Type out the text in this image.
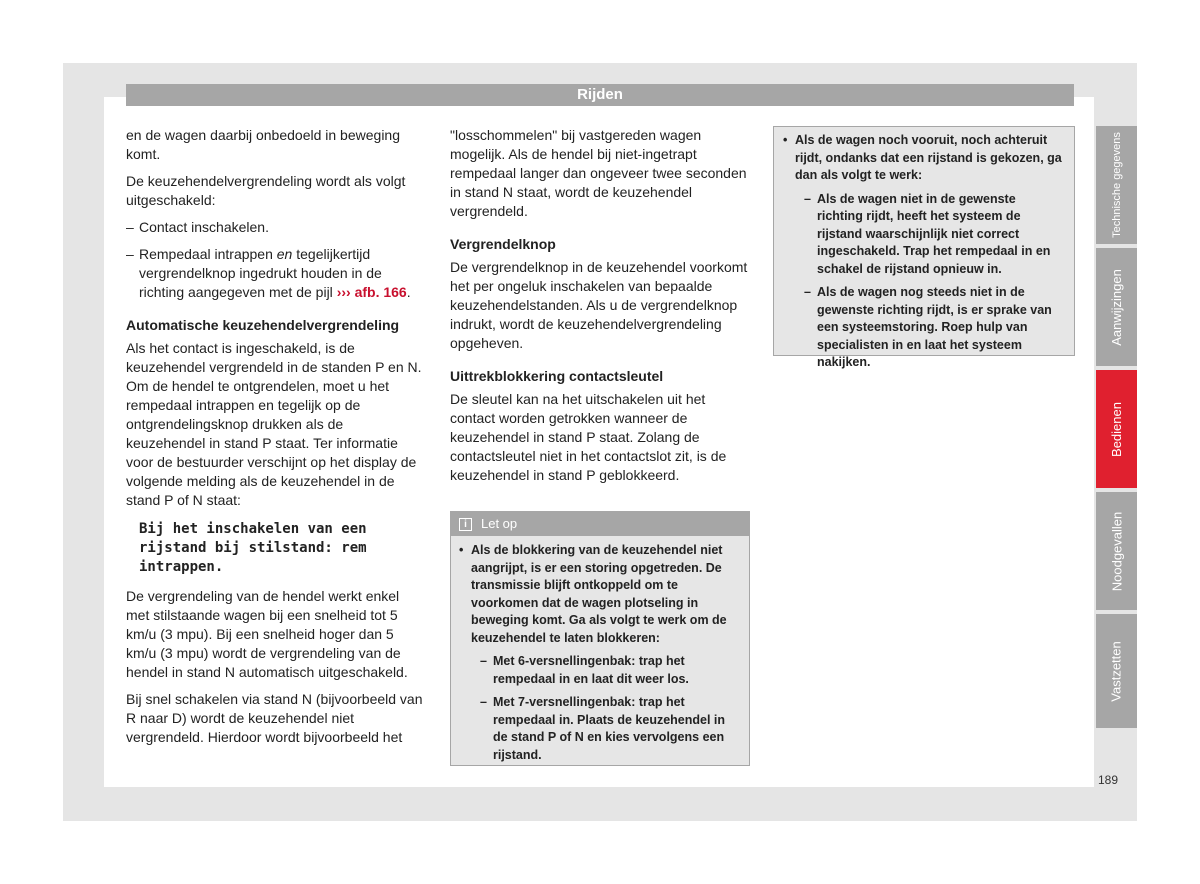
Rijden

en de wagen daarbij onbedoeld in beweging komt.

De keuzehendelvergrendeling wordt als volgt uitgeschakeld:

– Contact inschakelen.
– Rempedaal intrappen en tegelijkertijd vergrendelknop ingedrukt houden in de richting aangegeven met de pijl ››› afb. 166.
Automatische keuzehendelvergrendeling

Als het contact is ingeschakeld, is de keuzehendel vergrendeld in de standen P en N. Om de hendel te ontgrendelen, moet u het rempedaal intrappen en tegelijk op de ontgrendelingsknop drukken als de keuzehendel in stand P staat. Ter informatie voor de bestuurder verschijnt op het display de volgende melding als de keuzehendel in de stand P of N staat:

Bij het inschakelen van een rijstand bij stilstand: rem intrappen.

De vergrendeling van de hendel werkt enkel met stilstaande wagen bij een snelheid tot 5 km/u (3 mpu). Bij een snelheid hoger dan 5 km/u (3 mpu) wordt de vergrendeling van de hendel in stand N automatisch uitgeschakeld.

Bij snel schakelen via stand N (bijvoorbeeld van R naar D) wordt de keuzehendel niet vergrendeld. Hierdoor wordt bijvoorbeeld het

"losschommelen" bij vastgereden wagen mogelijk. Als de hendel bij niet-ingetrapt rempedaal langer dan ongeveer twee seconden in stand N staat, wordt de keuzehendel vergrendeld.

Vergrendelknop

De vergrendelknop in de keuzehendel voorkomt het per ongeluk inschakelen van bepaalde keuzehendelstanden. Als u de vergrendelknop indrukt, wordt de keuzehendelvergrendeling opgeheven.

Uittrekblokkering contactsleutel

De sleutel kan na het uitschakelen uit het contact worden getrokken wanneer de keuzehendel in stand P staat. Zolang de contactsleutel niet in het contactslot zit, is de keuzehendel in stand P geblokkeerd.

i	Let op
• Als de blokkering van de keuzehendel niet aangrijpt, is er een storing opgetreden. De transmissie blijft ontkoppeld om te voorkomen dat de wagen plotseling in beweging komt. Ga als volgt te werk om de keuzehendel te laten blokkeren:
– Met 6-versnellingenbak: trap het rempedaal in en laat dit weer los.
– Met 7-versnellingenbak: trap het rempedaal in. Plaats de keuzehendel in de stand P of N en kies vervolgens een rijstand.
• Als de wagen noch vooruit, noch achteruit rijdt, ondanks dat een rijstand is gekozen, ga dan als volgt te werk:
– Als de wagen niet in de gewenste richting rijdt, heeft het systeem de rijstand waarschijnlijk niet correct ingeschakeld. Trap het rempedaal in en schakel de rijstand opnieuw in.
– Als de wagen nog steeds niet in de gewenste richting rijdt, is er sprake van een systeemstoring. Roep hulp van specialisten in en laat het systeem nakijken.
Technische gegevens
Aanwijzingen
Bedienen
Noodgevallen
Vastzetten
189
